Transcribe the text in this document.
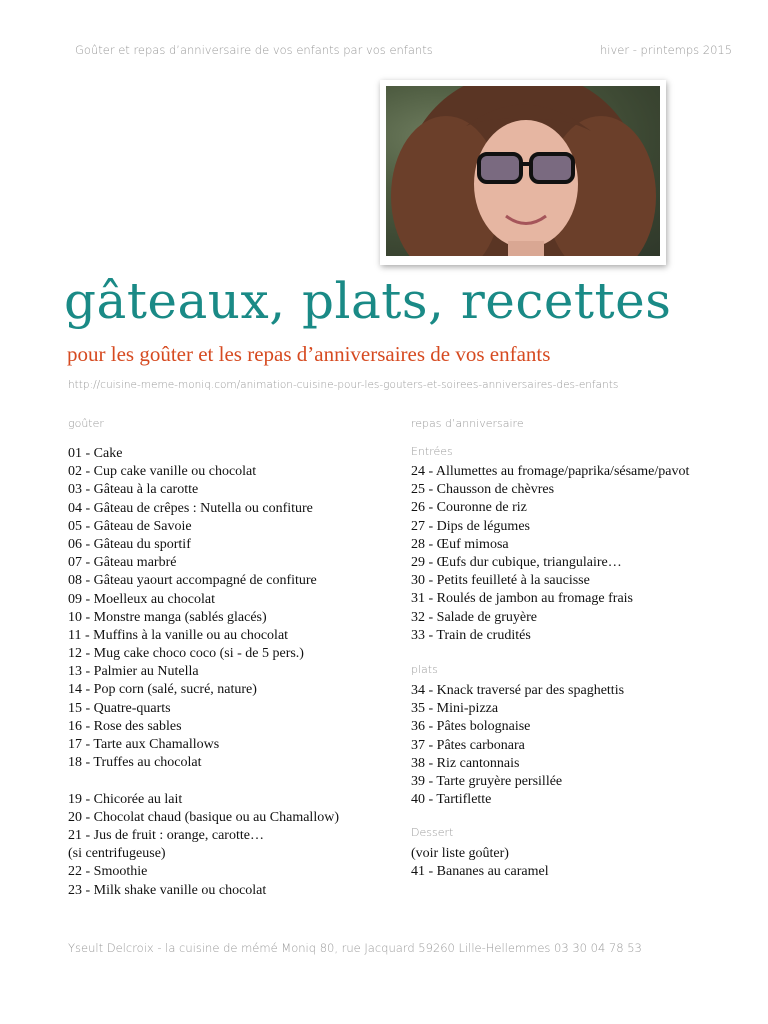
Goûter et repas d’anniversaire de vos enfants par vos enfants	hiver - printemps 2015
gâteaux, plats, recettes
pour les goûter et les repas d’anniversaires de vos enfants
http://cuisine-meme-moniq.com/animation-cuisine-pour-les-gouters-et-soirees-anniversaires-des-enfants
goûter
01 - Cake
02 - Cup cake vanille ou chocolat
03 - Gâteau à la carotte
04 - Gâteau de crêpes : Nutella ou confiture
05 - Gâteau de Savoie
06 - Gâteau du sportif
07 - Gâteau marbré
08 - Gâteau yaourt accompagné de confiture
09 - Moelleux au chocolat
10 - Monstre manga (sablés glacés)
11 - Muffins à la vanille ou au chocolat
12 - Mug cake choco coco (si - de 5 pers.)
13 - Palmier au Nutella
14 - Pop corn (salé, sucré, nature)
15 - Quatre-quarts
16 - Rose des sables
17 - Tarte aux Chamallows
18 - Truffes au chocolat
19 - Chicorée au lait
20 - Chocolat chaud (basique ou au Chamallow)
21 - Jus de fruit : orange, carotte…
(si centrifugeuse)
22 - Smoothie
23 - Milk shake vanille ou chocolat
repas d’anniversaire
Entrées
24 - Allumettes au fromage/paprika/sésame/pavot
25 - Chausson de chèvres
26 - Couronne de riz
27 - Dips de légumes
28 - Œuf mimosa
29 - Œufs dur cubique, triangulaire…
30 - Petits feuilleté à la saucisse
31 - Roulés de jambon au fromage frais
32 - Salade de gruyère
33 - Train de crudités
plats
34 - Knack traversé par des spaghettis
35 - Mini-pizza
36 - Pâtes bolognaise
37 - Pâtes carbonara
38 - Riz cantonnais
39 - Tarte gruyère persillée
40 - Tartiflette
Dessert
(voir liste goûter)
41 - Bananes au caramel
Yseult Delcroix - la cuisine de mémé Moniq 80, rue Jacquard 59260 Lille-Hellemmes 03 30 04 78 53
